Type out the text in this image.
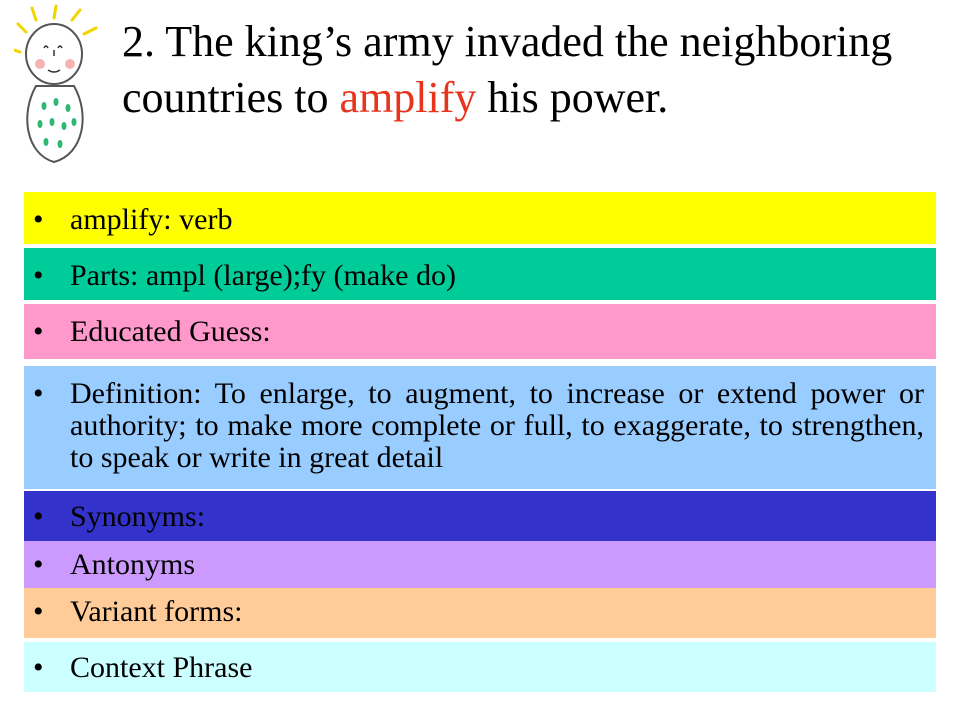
2. The king’s army invaded the neighboring countries to amplify his power.
• amplify: verb
• Parts: ampl (large);fy (make do)
• Educated Guess:
• Definition: To enlarge, to augment, to increase or extend power or authority; to make more complete or full, to exaggerate, to strengthen, to speak or write in great detail
• Synonyms:
• Antonyms
• Variant forms:
• Context Phrase
